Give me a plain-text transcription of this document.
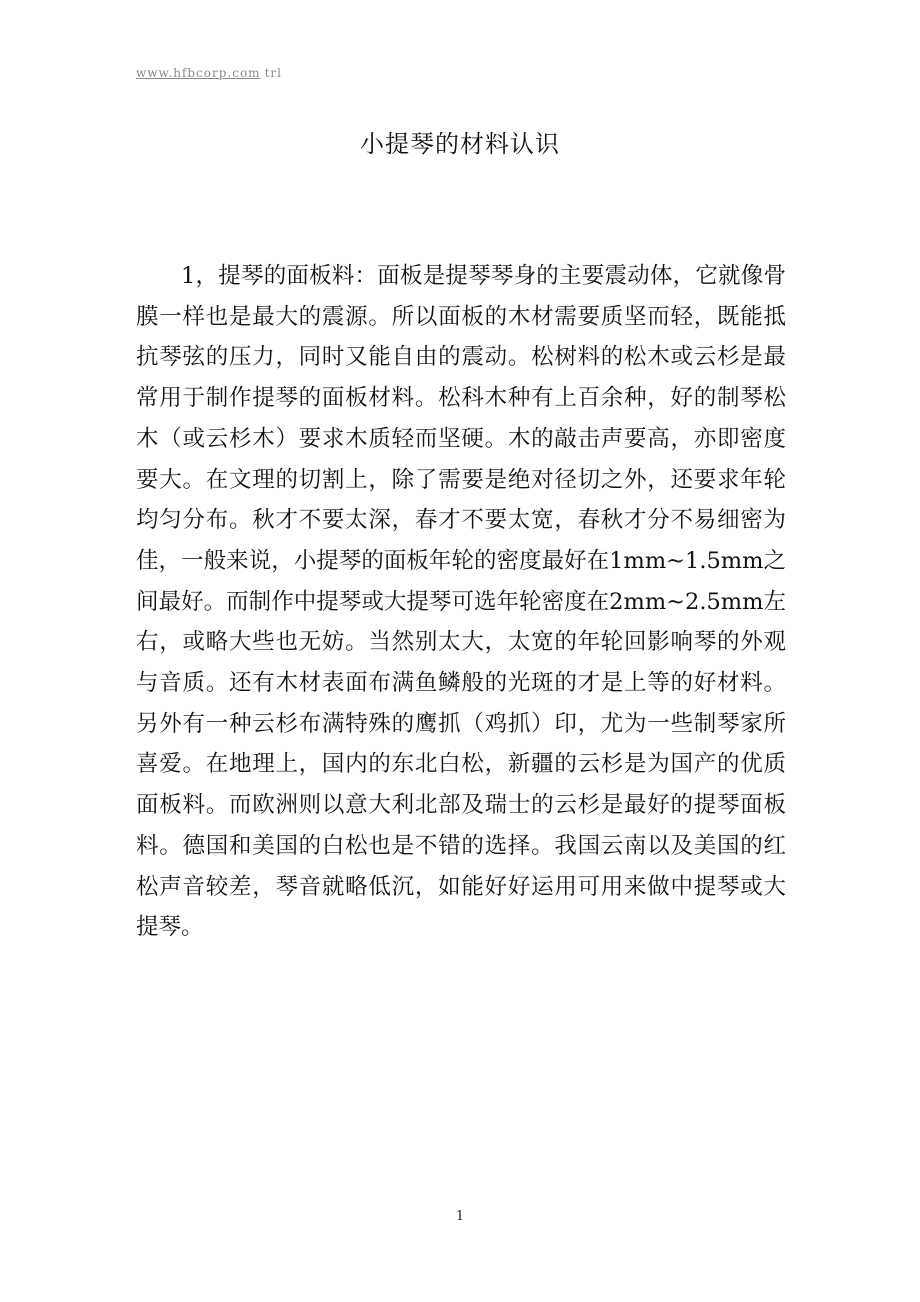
www.hfbcorp.com trl
小提琴的材料认识

1，提琴的面板料：面板是提琴琴身的主要震动体，它就像骨膜一样也是最大的震源。所以面板的木材需要质坚而轻，既能抵抗琴弦的压力，同时又能自由的震动。松树料的松木或云杉是最常用于制作提琴的面板材料。松科木种有上百余种，好的制琴松木（或云杉木）要求木质轻而坚硬。木的敲击声要高，亦即密度要大。在文理的切割上，除了需要是绝对径切之外，还要求年轮均匀分布。秋才不要太深，春才不要太宽，春秋才分不易细密为佳，一般来说，小提琴的面板年轮的密度最好在1mm~1.5mm之间最好。而制作中提琴或大提琴可选年轮密度在2mm~2.5mm左右，或略大些也无妨。当然别太大，太宽的年轮回影响琴的外观与音质。还有木材表面布满鱼鳞般的光斑的才是上等的好材料。另外有一种云杉布满特殊的鹰抓（鸡抓）印，尤为一些制琴家所喜爱。在地理上，国内的东北白松，新疆的云杉是为国产的优质面板料。而欧洲则以意大利北部及瑞士的云杉是最好的提琴面板料。德国和美国的白松也是不错的选择。我国云南以及美国的红松声音较差，琴音就略低沉，如能好好运用可用来做中提琴或大提琴。

1
